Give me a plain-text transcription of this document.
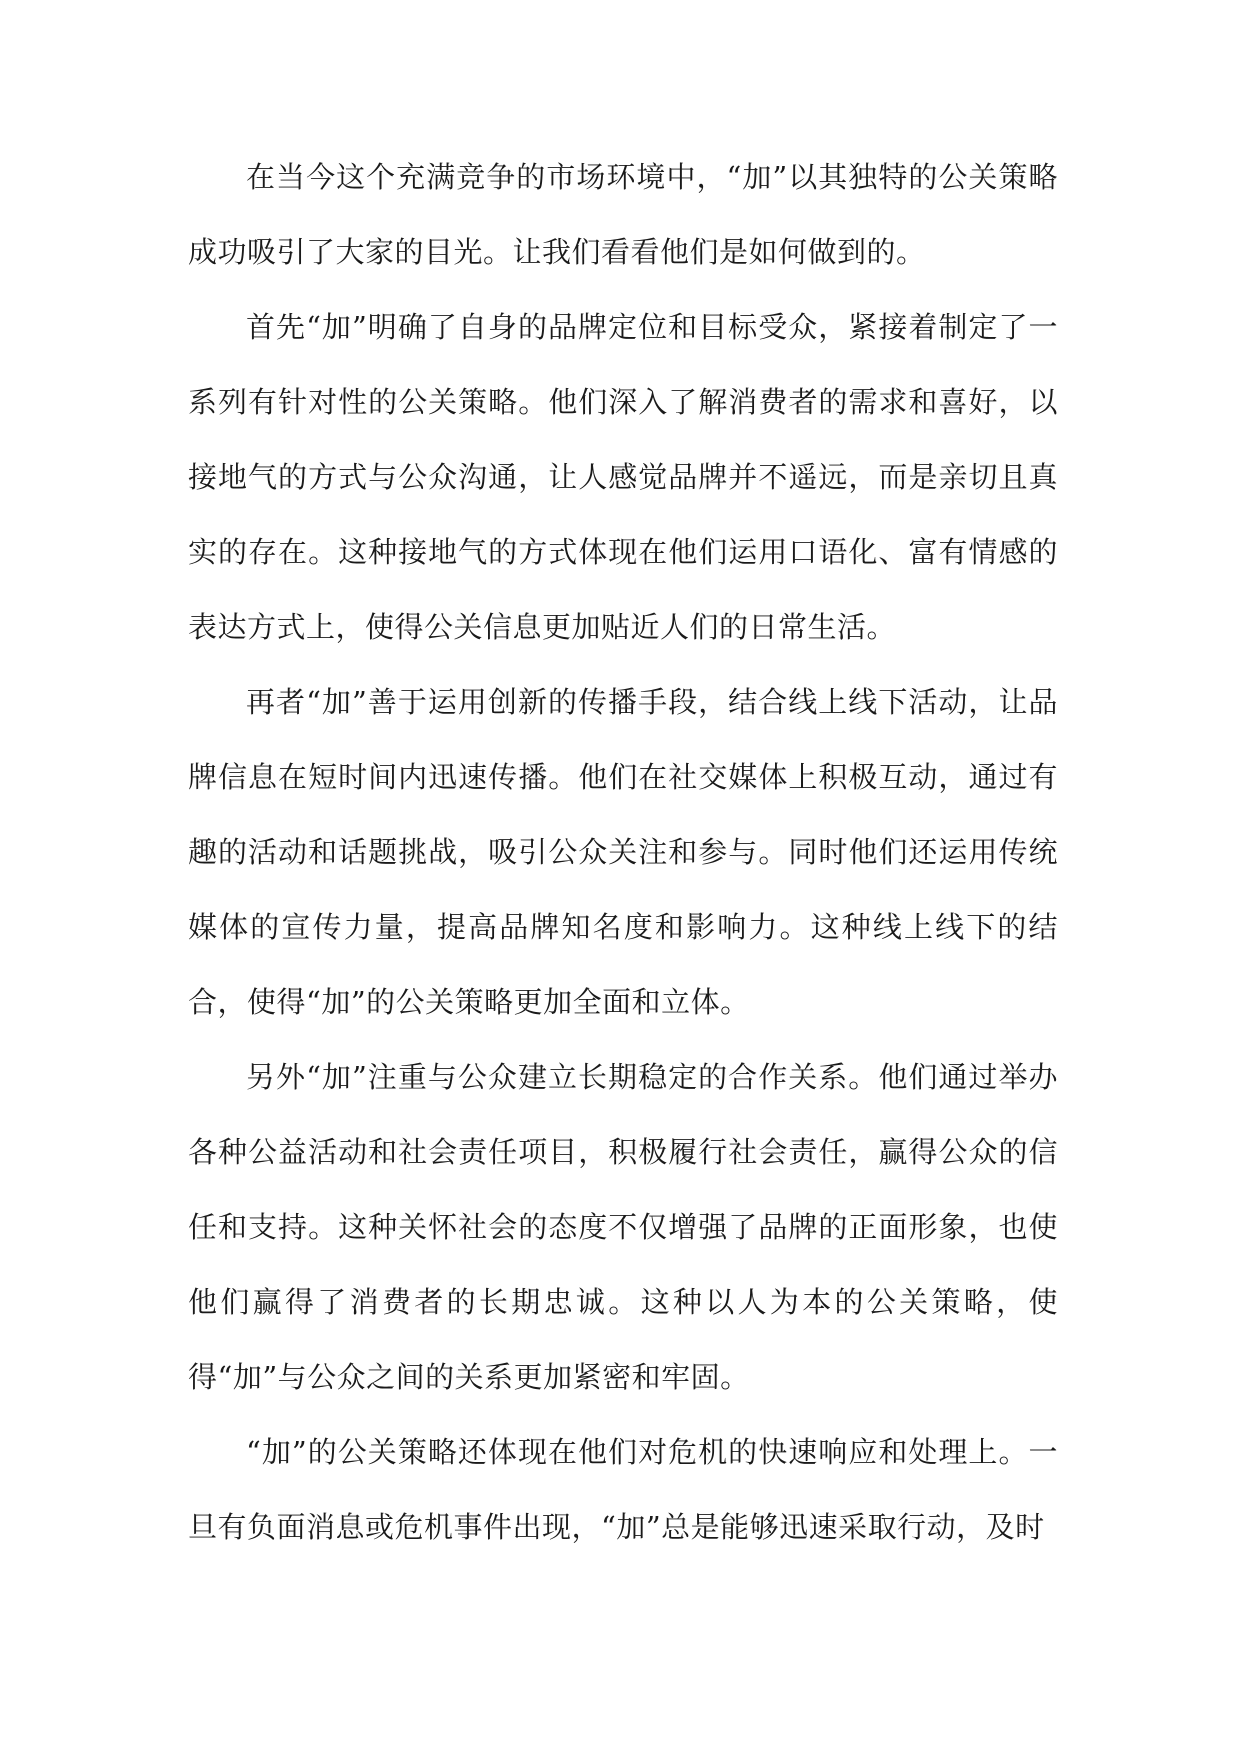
在当今这个充满竞争的市场环境中，“加”以其独特的公关策略成功吸引了大家的目光。让我们看看他们是如何做到的。

首先“加”明确了自身的品牌定位和目标受众，紧接着制定了一系列有针对性的公关策略。他们深入了解消费者的需求和喜好，以接地气的方式与公众沟通，让人感觉品牌并不遥远，而是亲切且真实的存在。这种接地气的方式体现在他们运用口语化、富有情感的表达方式上，使得公关信息更加贴近人们的日常生活。

再者“加”善于运用创新的传播手段，结合线上线下活动，让品牌信息在短时间内迅速传播。他们在社交媒体上积极互动，通过有趣的活动和话题挑战，吸引公众关注和参与。同时他们还运用传统媒体的宣传力量，提高品牌知名度和影响力。这种线上线下的结合，使得“加”的公关策略更加全面和立体。

另外“加”注重与公众建立长期稳定的合作关系。他们通过举办各种公益活动和社会责任项目，积极履行社会责任，赢得公众的信任和支持。这种关怀社会的态度不仅增强了品牌的正面形象，也使他们赢得了消费者的长期忠诚。这种以人为本的公关策略，使得“加”与公众之间的关系更加紧密和牢固。

“加”的公关策略还体现在他们对危机的快速响应和处理上。一旦有负面消息或危机事件出现，“加”总是能够迅速采取行动，及时
